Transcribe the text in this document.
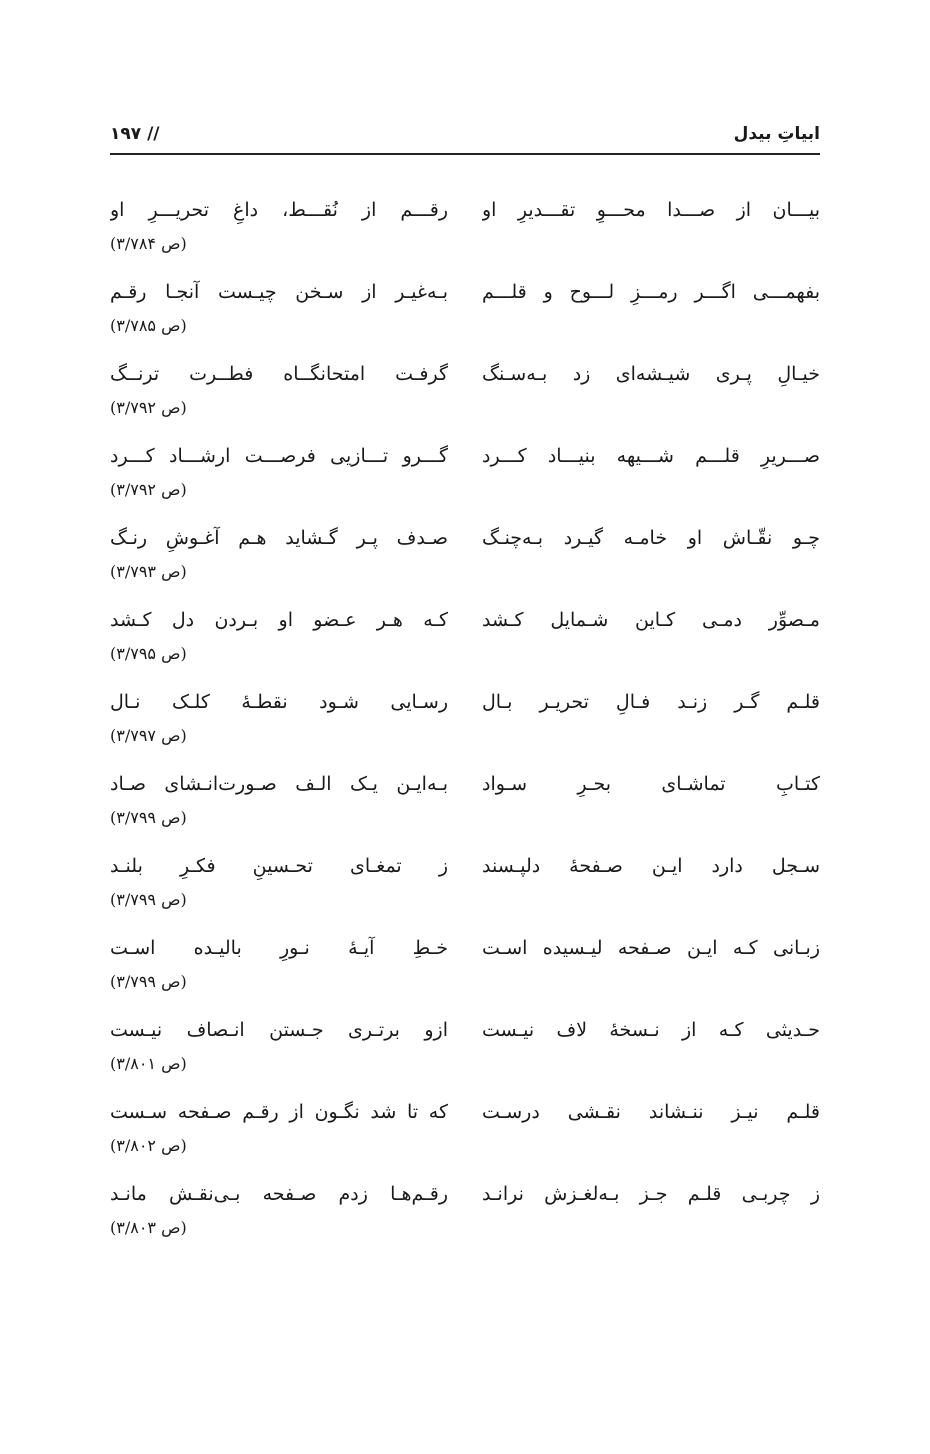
ابیاتِ بیدل
۱۹۷ //
بیـــان از صـــدا محـــوِ تقـــدیرِ او
رقـــم از نُقـــط، داغِ تحریـــرِ او
(ص ۳/۷۸۴)
بفهمـــی اگـــر رمـــزِ لـــوح و قلـــم
بـه‌غیـر از سـخن چیـست آنجـا رقـم
(ص ۳/۷۸۵)
خیـالِ پـری شیـشه‌ای زد بـه‌سـنگ
گرفـت امتحانگــاه فطــرت ترنــگ
(ص ۳/۷۹۲)
صـــریرِ قلـــم شـــیهه بنیـــاد کـــرد
گـــرو تـــازیی فرصـــت ارشـــاد کـــرد
(ص ۳/۷۹۲)
چـو نقّـاش او خامـه گیـرد بـه‌چنـگ
صـدف پـر گـشاید هـم آغـوشِ رنـگ
(ص ۳/۷۹۳)
مـصوِّر دمـی کـاین شـمایل کـشد
کـه هـر عـضو او بـردن دل کـشد
(ص ۳/۷۹۵)
قلـم گـر زنـد فـالِ تحریـر بـال
رسـایی شـود نقطـهٔ کلـک نـال
(ص ۳/۷۹۷)
کتـابِ تماشـای بحـرِ سـواد
بـه‌ایـن یـک الـف صـورت‌انـشای صـاد
(ص ۳/۷۹۹)
سـجل دارد ایـن صـفحهٔ دلپـسند
ز تمغـای تحـسینِ فکـرِ بلنـد
(ص ۳/۷۹۹)
زبـانی کـه ایـن صـفحه لیـسیده اسـت
خـطِ آیـهٔ نـورِ بالیـده اسـت
(ص ۳/۷۹۹)
حـدیثی کـه از نـسخهٔ لاف نیـست
ازو برتـری جـستن انـصاف نیـست
(ص ۳/۸۰۱)
قلـم نیـز ننـشاند نقـشی درسـت
که تا شد نگـون از رقـم صـفحه سـست
(ص ۳/۸۰۲)
ز چربـی قلـم جـز بـه‌لغـزش نرانـد
رقـم‌هـا زدم صـفحه بـی‌نقـش مانـد
(ص ۳/۸۰۳)
